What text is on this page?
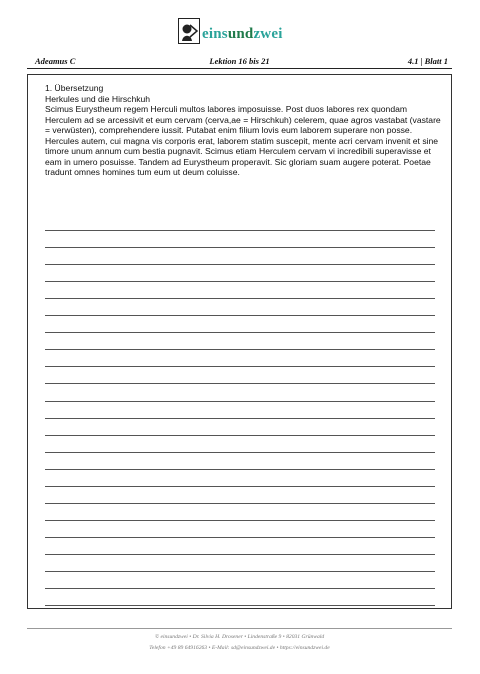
einsundzwei
Lektion 16 bis 21
Adeamus C	4.1 | Blatt 1

1. Übersetzung

Herkules und die Hirschkuh

Scimus Eurystheum regem Herculi multos labores imposuisse. Post duos labores rex quondam Herculem ad se arcessivit et eum cervam (cerva,ae = Hirschkuh) celerem, quae agros vastabat (vastare = verwüsten), comprehendere iussit. Putabat enim filium lovis eum laborem superare non posse. Hercules autem, cui magna vis corporis erat, laborem statim suscepit, mente acri cervam invenit et sine timore unum annum cum bestia pugnavit. Scimus etiam Herculem cervam vi incredibili superavisse et eam in umero posuisse. Tandem ad Eurystheum properavit. Sic gloriam suam augere poterat. Poetae tradunt omnes homines tum eum ut deum coluisse.

© einsundzwei • Dr. Silvia H. Drosener • Lindenstraße 9 • 82031 Grünwald
Telefon +49 89 64916263 • E-Mail: sd@einsundzwei.de • https://einsundzwei.de
